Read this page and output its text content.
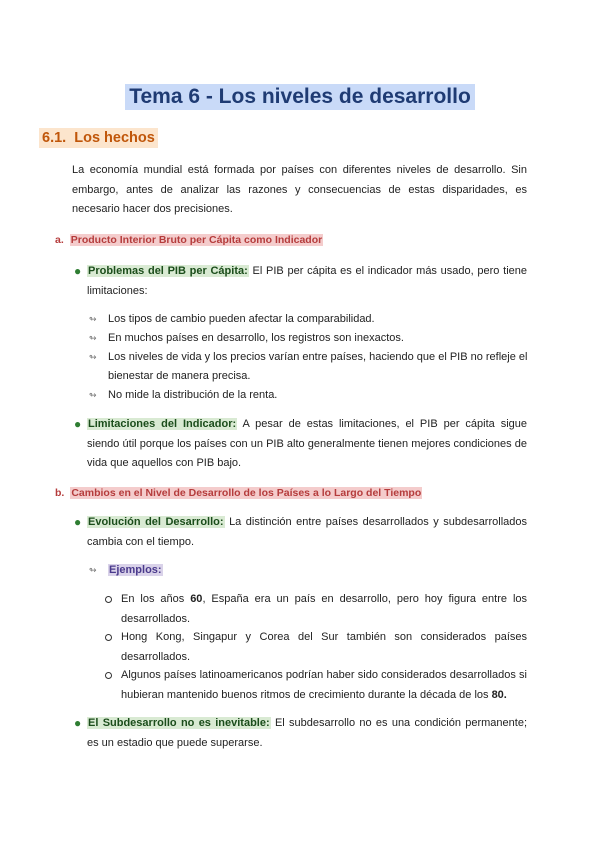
Tema 6 - Los niveles de desarrollo
6.1. Los hechos
La economía mundial está formada por países con diferentes niveles de desarrollo. Sin embargo, antes de analizar las razones y consecuencias de estas disparidades, es necesario hacer dos precisiones.
a. Producto Interior Bruto per Cápita como Indicador
● Problemas del PIB per Cápita: El PIB per cápita es el indicador más usado, pero tiene limitaciones:
↬ Los tipos de cambio pueden afectar la comparabilidad.
↬ En muchos países en desarrollo, los registros son inexactos.
↬ Los niveles de vida y los precios varían entre países, haciendo que el PIB no refleje el bienestar de manera precisa.
↬ No mide la distribución de la renta.
● Limitaciones del Indicador: A pesar de estas limitaciones, el PIB per cápita sigue siendo útil porque los países con un PIB alto generalmente tienen mejores condiciones de vida que aquellos con PIB bajo.
b. Cambios en el Nivel de Desarrollo de los Países a lo Largo del Tiempo
● Evolución del Desarrollo: La distinción entre países desarrollados y subdesarrollados cambia con el tiempo.
↬ Ejemplos:
En los años 60, España era un país en desarrollo, pero hoy figura entre los desarrollados.
Hong Kong, Singapur y Corea del Sur también son considerados países desarrollados.
Algunos países latinoamericanos podrían haber sido considerados desarrollados si hubieran mantenido buenos ritmos de crecimiento durante la década de los 80.
● El Subdesarrollo no es inevitable: El subdesarrollo no es una condición permanente; es un estadio que puede superarse.
